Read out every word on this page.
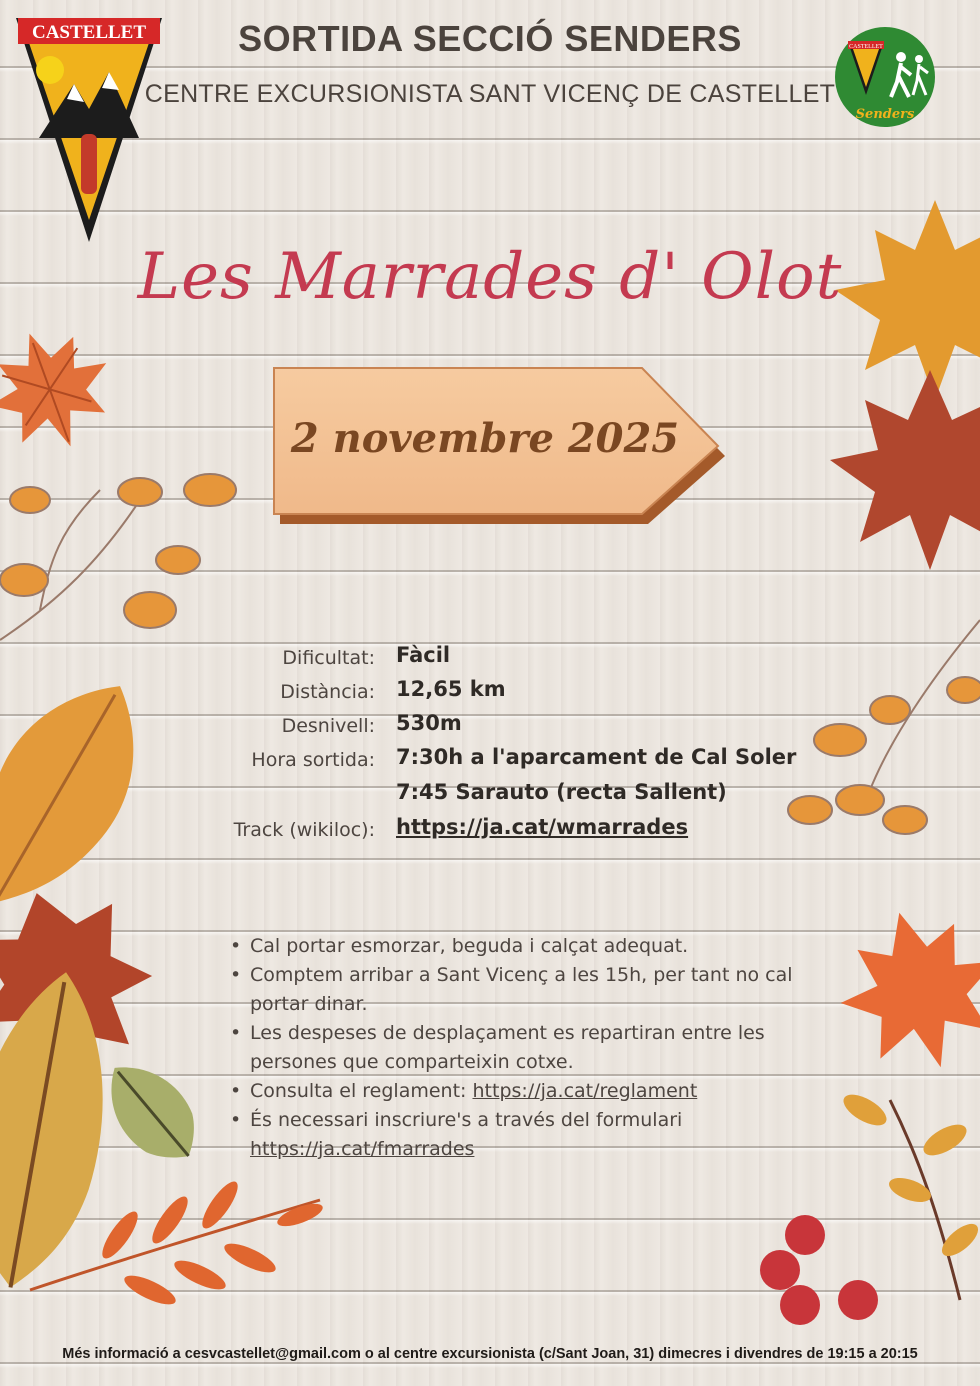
CASTELLET
CASTELLET
Senders
SORTIDA SECCIÓ SENDERS
CENTRE EXCURSIONISTA SANT VICENÇ DE CASTELLET
Les Marrades d' Olot
2 novembre 2025
Dificultat: Fàcil
Distància: 12,65 km
Desnivell: 530m
Hora sortida: 7:30h a l'aparcament de Cal Soler
7:45 Sarauto (recta Sallent)
Track (wikiloc): https://ja.cat/wmarrades
• Cal portar esmorzar, beguda i calçat adequat.
• Comptem arribar a Sant Vicenç a les 15h, per tant no cal portar dinar.
• Les despeses de desplaçament es repartiran entre les persones que comparteixin cotxe.
• Consulta el reglament: https://ja.cat/reglament
• És necessari inscriure's a través del formulari
https://ja.cat/fmarrades
Més informació a cesvcastellet@gmail.com o al centre excursionista (c/Sant Joan, 31) dimecres i divendres de 19:15 a 20:15
